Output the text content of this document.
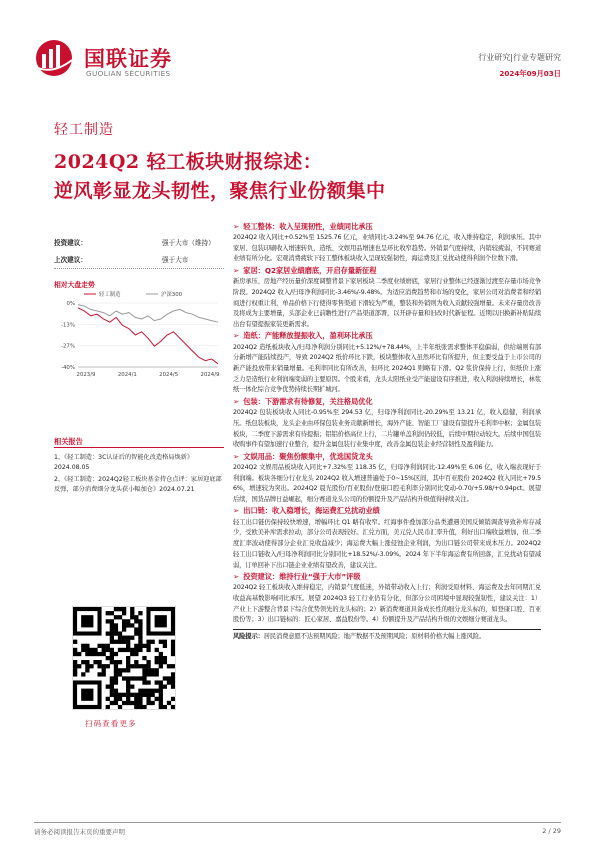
国联证券
GUOLIAN SECURITIES
行业研究|行业专题研究
2024年09月03日
轻工制造
2024Q2 轻工板块财报综述：
逆风彰显龙头韧性，聚焦行业份额集中
投资建议：	强于大市（维持）
上次建议：	强于大市
相对大盘走势
0%
-13%
-27%
-40%
2023/9	2024/1	2024/5	2024/9
轻工制造	沪深300
相关报告
1、《轻工制造：3C认证后的智能化改造格局焕新》2024.08.05
2、《轻工制造：2024Q2轻工板块基金持仓点评：家居迎底部反弹，部分消费细分龙头获小幅加仓》2024.07.21
扫码查看更多
➢ 轻工整体：收入呈现韧性，业绩同比承压
2024Q2 收入同比+0.52%至 1525.76 亿元，业绩同比-3.24%至 94.76 亿元，收入维持稳定，利润承压。其中家居、包装印刷收入增速转负，造纸、文娱用品增速也呈环比收窄趋势。外销景气度持续，内销较疲弱，不同赛道业绩有所分化。宏观消费疲软下轻工整体板块收入呈现较强韧性，海运费及汇兑扰动使得利润个位数下滑。
➢ 家居：Q2家居业绩磨底，开启存量新征程
新房承压、房地产经历量价深度调整背景下家居板块二季度业绩磨底，家居行业整体已经逐渐过渡至存量市场竞争阶段。2024Q2 收入/归母净利润同比-3.46%/-9.48%。为适应消费趋势和市场的变化，家居公司对消费者和经销商进行权重让利，单品价格下行使得零售渠道下滑较为严重，整装和外销则为收入贡献较强增量。未来存量房改善及将成为主要增量，头部企业已前瞻性进行产品渠道部署，以开辟存量和旧改时代新征程。近期以旧换新补贴陆续出台有望提振家装更新需求。
➢ 造纸：产能释放提振收入，盈利环比承压
2024Q2 造纸板块收入/归母净利润分别同比+5.12%/+78.44%，上半年纸张需求整体平稳偏弱，供给端则有部分新增产能陆续投产，导致 2024Q2 纸价环比下跌，板块整体收入虽然环比有所提升，但主要受益于上市公司的新产能投放带来销量增量。毛利率同比有所改善，但环比 2024Q1 则略有下滑。Q2 浆价保持上行，但纸价上涨乏力是造纸行业利润端变弱的主要原因。个股来看，龙头太阳纸业受产能建设有序推进，收入利润持续增长，林浆纸一体化综合竞争优势持续长期扩城河。
➢ 包装：下游需求有待修复，关注格局优化
2024Q2 包装板块收入同比-0.95%至 294.53 亿，归母净利润同比-20.29%至 13.21 亿，收入稳健，利润承压。纸包装板块，龙头企业由环保包装业务贡献新增长，海外产能、智能工厂建设有望提升毛利率中枢；金属包装板块，二季度下游需求有待提振；铝铝价格高位上行，二片罐单盖利润仍较低，后续中期拉动较大。后续中国包装收购事件有望加速行业整合，提升金属包装行业集中度，改善金属包装企业经营韧性及盈利能力。
➢ 文娱用品：聚焦份额集中，优选国货龙头
2024Q2 文娱用品板块收入同比+7.32%至 118.35 亿，归母净利润同比-12.49%至 6.06 亿，收入端表现好于利润端。板块各细分行业龙头 2024Q2 收入增速普遍处于0~15%区间，其中百亚股份 2024Q2 收入同比+79.56%，增速较为突出。2024Q2 晨光股份/百亚股份/登康口腔毛利率分别同比变动-0.70/+5.98/+0.94pct。展望后续，国货品牌日益崛起，细分赛道龙头公司的份额提升及产品结构升级值得持续关注。
➢ 出口链：收入稳增长，海运费汇兑扰动业绩
轻工出口链仍保持较快增速，增幅环比 Q1 略有收窄。红海事件叠加部分品类遭遇美国反倾销调查导致补库存减少，受欧美补库需求拉动，部分公司表现较好。汇兑方面，美元兑人民币汇率升值，利好出口端收益增加，但二季度汇率波动使得部分企业汇兑收益减少；海运费大幅上涨侵蚀企业利润，为出口链公司带来成本压力。2024Q2 轻工出口链收入/归母净利润同比分别同比+18.52%/-3.09%。2024 年下半年海运费有所回落，汇兑扰动有望减弱，订单回补下出口链企业业绩有望改善，建议关注。
➢ 投资建议：维持行业“强于大市”评级
2024Q2 轻工板块收入维持稳定，内销景气度低迷，外销带动收入上行；利润受原材料、海运费及去年同期汇兑收益高基数影响同比承压。展望 2024Q3 轻工行业仍有分化，但部分公司困境中显现较强韧性，建议关注：1）产业上下游整合背景下综合优势领先的龙头标的；2）新消费赛道具备成长性的细分龙头标的，如登康口腔、百亚股份等；3）出口链标的：匠心家居、嘉益股份等。4）份额提升及产品结构升级的文娱细分赛道龙头。
风险提示：居民消费意愿不达预期风险；地产数据不及预期风险；原材料价格大幅上涨风险。
请务必阅读报告末页的重要声明	2 / 29
